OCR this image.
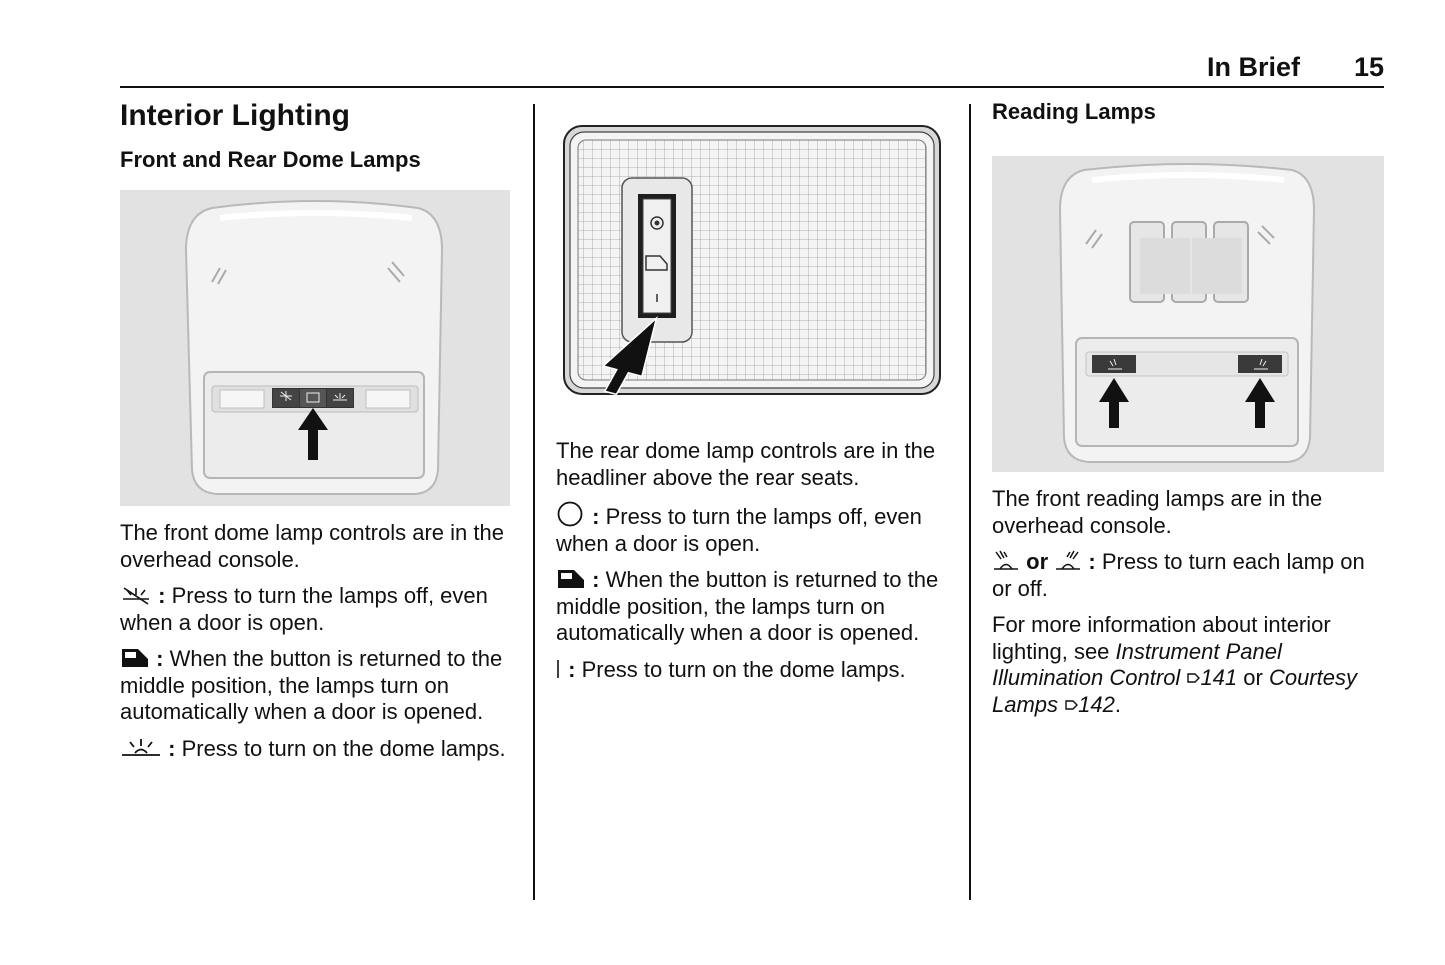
In Brief 15
Interior Lighting
Front and Rear Dome Lamps

The front dome lamp controls are in the overhead console.

: Press to turn the lamps off, even when a door is open.

: When the button is returned to the middle position, the lamps turn on automatically when a door is opened.

: Press to turn on the dome lamps.

The rear dome lamp controls are in the headliner above the rear seats.

: Press to turn the lamps off, even when a door is open.

: When the button is returned to the middle position, the lamps turn on automatically when a door is opened.

: Press to turn on the dome lamps.

Reading Lamps

The front reading lamps are in the overhead console.

or  : Press to turn each lamp on or off.

For more information about interior lighting, see Instrument Panel Illumination Control 141 or Courtesy Lamps 142.
